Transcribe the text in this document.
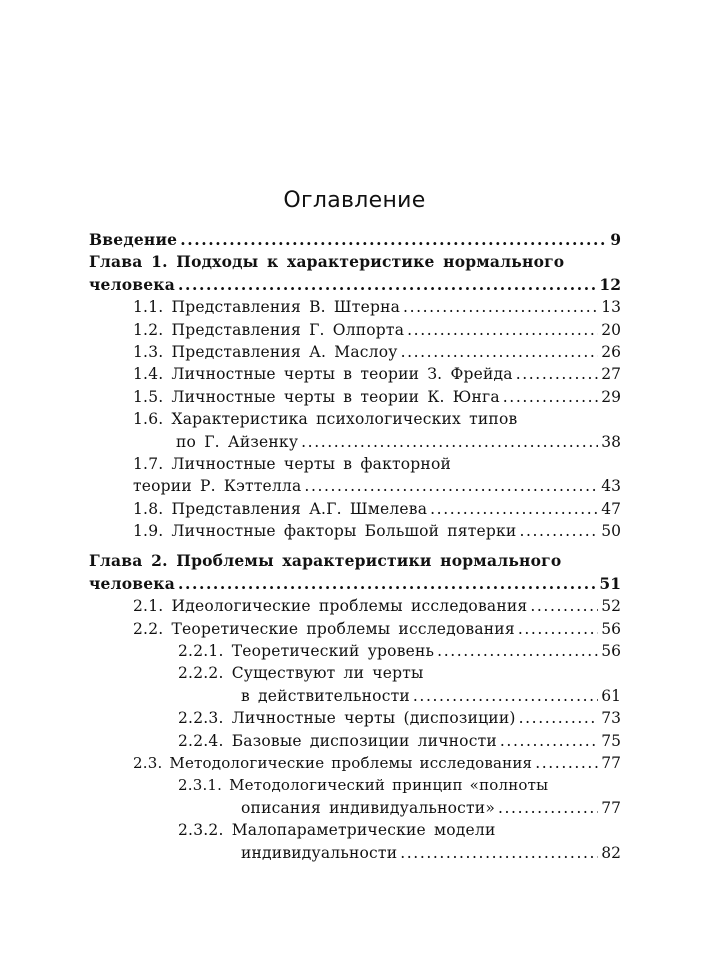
Оглавление
Введение .....	9
Глава 1. Подходы к характеристике нормального
человека .....	12
1.1. Представления В. Штерна .....	13
1.2. Представления Г. Олпорта .....	20
1.3. Представления А. Маслоу .....	26
1.4. Личностные черты в теории З. Фрейда .....	27
1.5. Личностные черты в теории К. Юнга .....	29
1.6. Характеристика психологических типов
по Г. Айзенку .....	38
1.7. Личностные черты в факторной
теории Р. Кэттелла .....	43
1.8. Представления А.Г. Шмелева .....	47
1.9. Личностные факторы Большой пятерки .....	50
Глава 2. Проблемы характеристики нормального
человека .....	51
2.1. Идеологические проблемы исследования .....	52
2.2. Теоретические проблемы исследования .....	56
2.2.1. Теоретический уровень .....	56
2.2.2. Существуют ли черты
в действительности .....	61
2.2.3. Личностные черты (диспозиции) .....	73
2.2.4. Базовые диспозиции личности .....	75
2.3. Методологические проблемы исследования .....	77
2.3.1. Методологический принцип «полноты
описания индивидуальности» .....	77
2.3.2. Малопараметрические модели
индивидуальности .....	82
